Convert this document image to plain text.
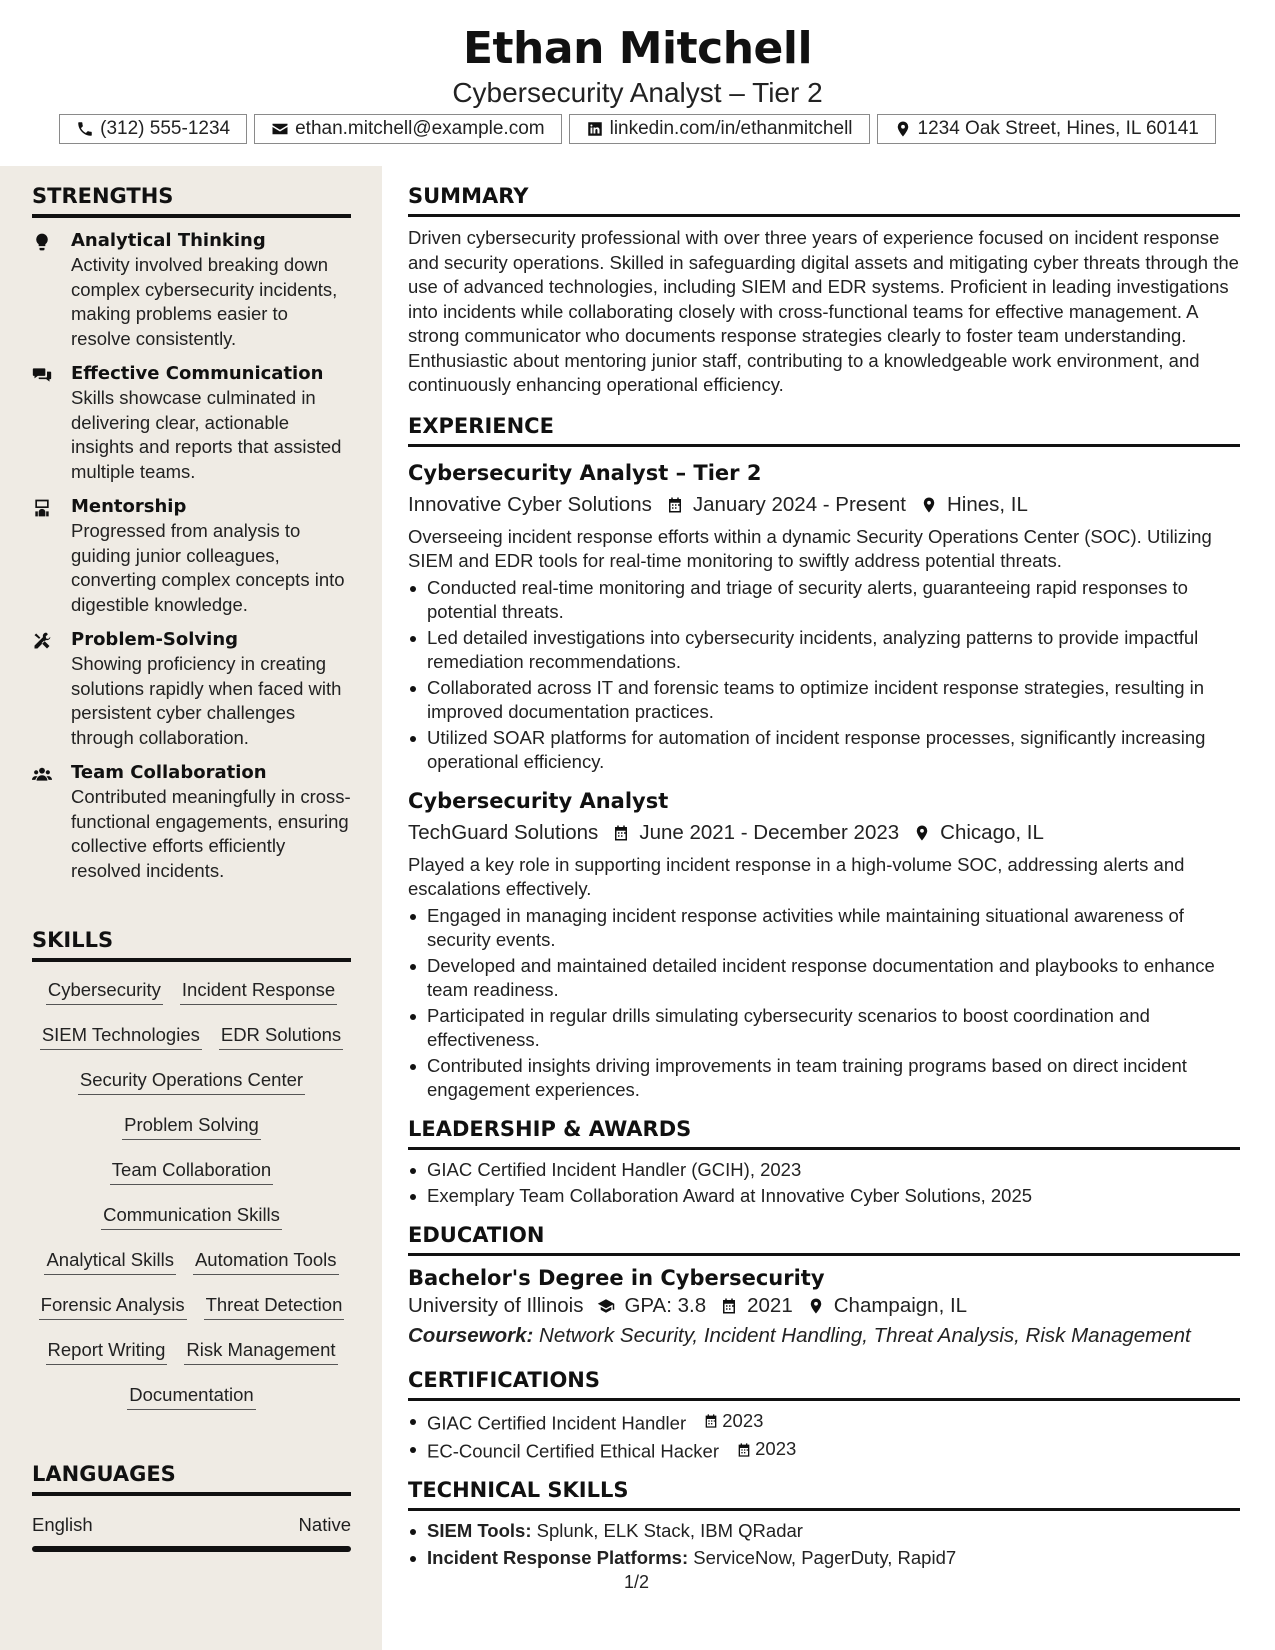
Ethan Mitchell
Cybersecurity Analyst – Tier 2
(312) 555-1234	ethan.mitchell@example.com	linkedin.com/in/ethanmitchell	1234 Oak Street, Hines, IL 60141
STRENGTHS
Analytical Thinking
Activity involved breaking down complex cybersecurity incidents, making problems easier to resolve consistently.
Effective Communication
Skills showcase culminated in delivering clear, actionable insights and reports that assisted multiple teams.
Mentorship
Progressed from analysis to guiding junior colleagues, converting complex concepts into digestible knowledge.
Problem-Solving
Showing proficiency in creating solutions rapidly when faced with persistent cyber challenges through collaboration.
Team Collaboration
Contributed meaningfully in cross-functional engagements, ensuring collective efforts efficiently resolved incidents.
SKILLS
Cybersecurity Incident Response
SIEM Technologies EDR Solutions
Security Operations Center
Problem Solving
Team Collaboration
Communication Skills
Analytical Skills Automation Tools
Forensic Analysis Threat Detection
Report Writing Risk Management
Documentation
LANGUAGES
English	Native
SUMMARY

Driven cybersecurity professional with over three years of experience focused on incident response and security operations. Skilled in safeguarding digital assets and mitigating cyber threats through the use of advanced technologies, including SIEM and EDR systems. Proficient in leading investigations into incidents while collaborating closely with cross-functional teams for effective management. A strong communicator who documents response strategies clearly to foster team understanding. Enthusiastic about mentoring junior staff, contributing to a knowledgeable work environment, and continuously enhancing operational efficiency.

EXPERIENCE
Cybersecurity Analyst – Tier 2
Innovative Cyber Solutions January 2024 - Present Hines, IL

Overseeing incident response efforts within a dynamic Security Operations Center (SOC). Utilizing SIEM and EDR tools for real-time monitoring to swiftly address potential threats.

Conducted real-time monitoring and triage of security alerts, guaranteeing rapid responses to potential threats.
Led detailed investigations into cybersecurity incidents, analyzing patterns to provide impactful remediation recommendations.
Collaborated across IT and forensic teams to optimize incident response strategies, resulting in improved documentation practices.
Utilized SOAR platforms for automation of incident response processes, significantly increasing operational efficiency.
Cybersecurity Analyst
TechGuard Solutions June 2021 - December 2023 Chicago, IL

Played a key role in supporting incident response in a high-volume SOC, addressing alerts and escalations effectively.

Engaged in managing incident response activities while maintaining situational awareness of security events.
Developed and maintained detailed incident response documentation and playbooks to enhance team readiness.
Participated in regular drills simulating cybersecurity scenarios to boost coordination and effectiveness.
Contributed insights driving improvements in team training programs based on direct incident engagement experiences.
LEADERSHIP & AWARDS
GIAC Certified Incident Handler (GCIH), 2023
Exemplary Team Collaboration Award at Innovative Cyber Solutions, 2025
EDUCATION
Bachelor's Degree in Cybersecurity
University of Illinois GPA: 3.8 2021 Champaign, IL
Coursework: Network Security, Incident Handling, Threat Analysis, Risk Management
CERTIFICATIONS
GIAC Certified Incident Handler 2023
EC-Council Certified Ethical Hacker 2023
TECHNICAL SKILLS
SIEM Tools: Splunk, ELK Stack, IBM QRadar
Incident Response Platforms: ServiceNow, PagerDuty, Rapid7
1/2
